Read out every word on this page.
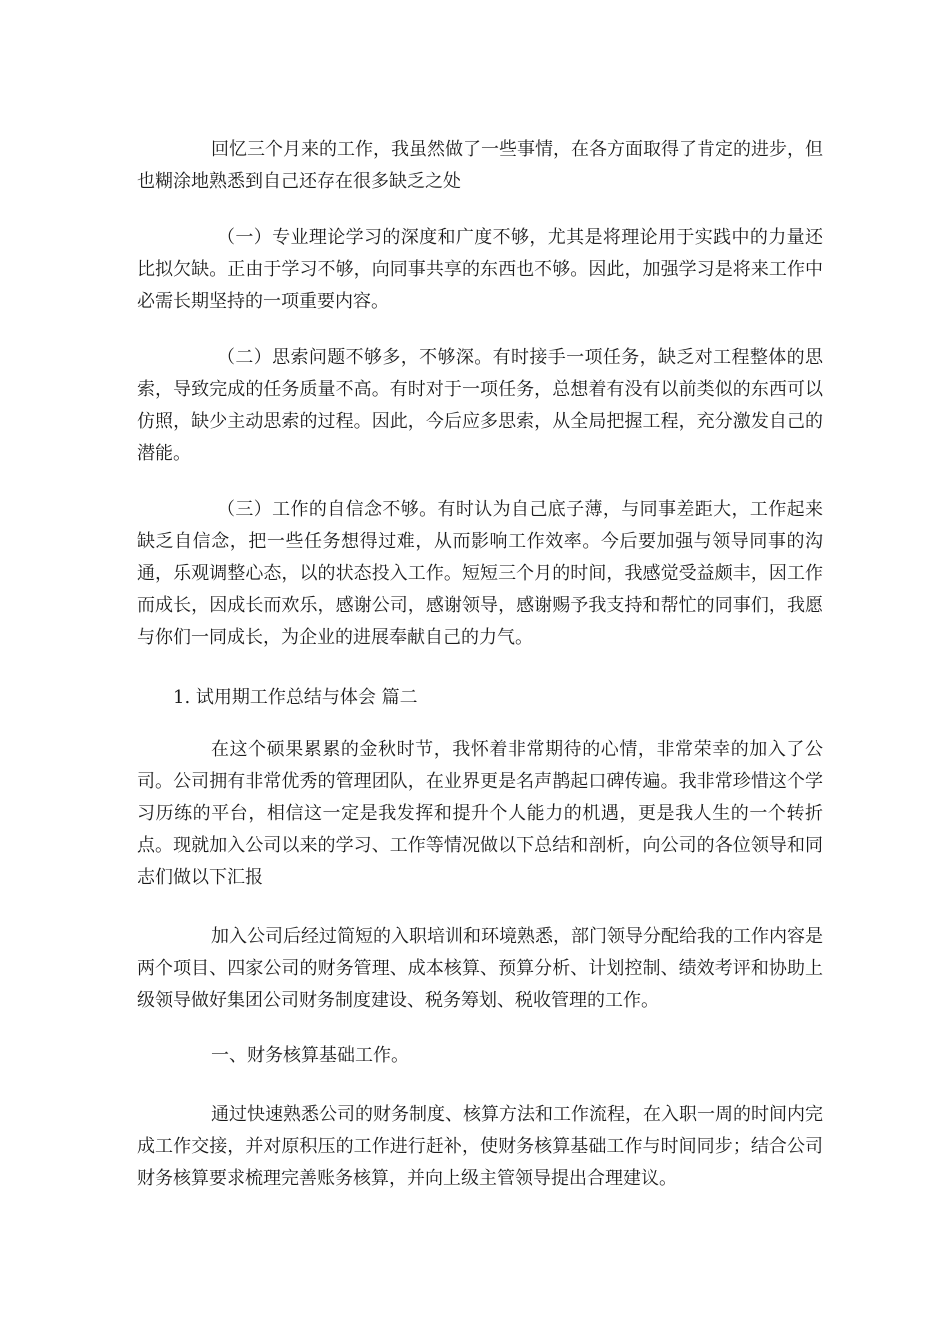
回忆三个月来的工作，我虽然做了一些事情，在各方面取得了肯定的进步，但也糊涂地熟悉到自己还存在很多缺乏之处

（一）专业理论学习的深度和广度不够，尤其是将理论用于实践中的力量还比拟欠缺。正由于学习不够，向同事共享的东西也不够。因此，加强学习是将来工作中必需长期坚持的一项重要内容。

（二）思索问题不够多，不够深。有时接手一项任务，缺乏对工程整体的思索，导致完成的任务质量不高。有时对于一项任务，总想着有没有以前类似的东西可以仿照，缺少主动思索的过程。因此，今后应多思索，从全局把握工程，充分激发自己的潜能。

（三）工作的自信念不够。有时认为自己底子薄，与同事差距大，工作起来缺乏自信念，把一些任务想得过难，从而影响工作效率。今后要加强与领导同事的沟通，乐观调整心态，以的状态投入工作。短短三个月的时间，我感觉受益颇丰，因工作而成长，因成长而欢乐，感谢公司，感谢领导，感谢赐予我支持和帮忙的同事们，我愿与你们一同成长，为企业的进展奉献自己的力气。

1. 试用期工作总结与体会 篇二

在这个硕果累累的金秋时节，我怀着非常期待的心情，非常荣幸的加入了公司。公司拥有非常优秀的管理团队，在业界更是名声鹊起口碑传遍。我非常珍惜这个学习历练的平台，相信这一定是我发挥和提升个人能力的机遇，更是我人生的一个转折点。现就加入公司以来的学习、工作等情况做以下总结和剖析，向公司的各位领导和同志们做以下汇报

加入公司后经过简短的入职培训和环境熟悉，部门领导分配给我的工作内容是两个项目、四家公司的财务管理、成本核算、预算分析、计划控制、绩效考评和协助上级领导做好集团公司财务制度建设、税务筹划、税收管理的工作。

一、财务核算基础工作。

通过快速熟悉公司的财务制度、核算方法和工作流程，在入职一周的时间内完成工作交接，并对原积压的工作进行赶补，使财务核算基础工作与时间同步；结合公司财务核算要求梳理完善账务核算，并向上级主管领导提出合理建议。
